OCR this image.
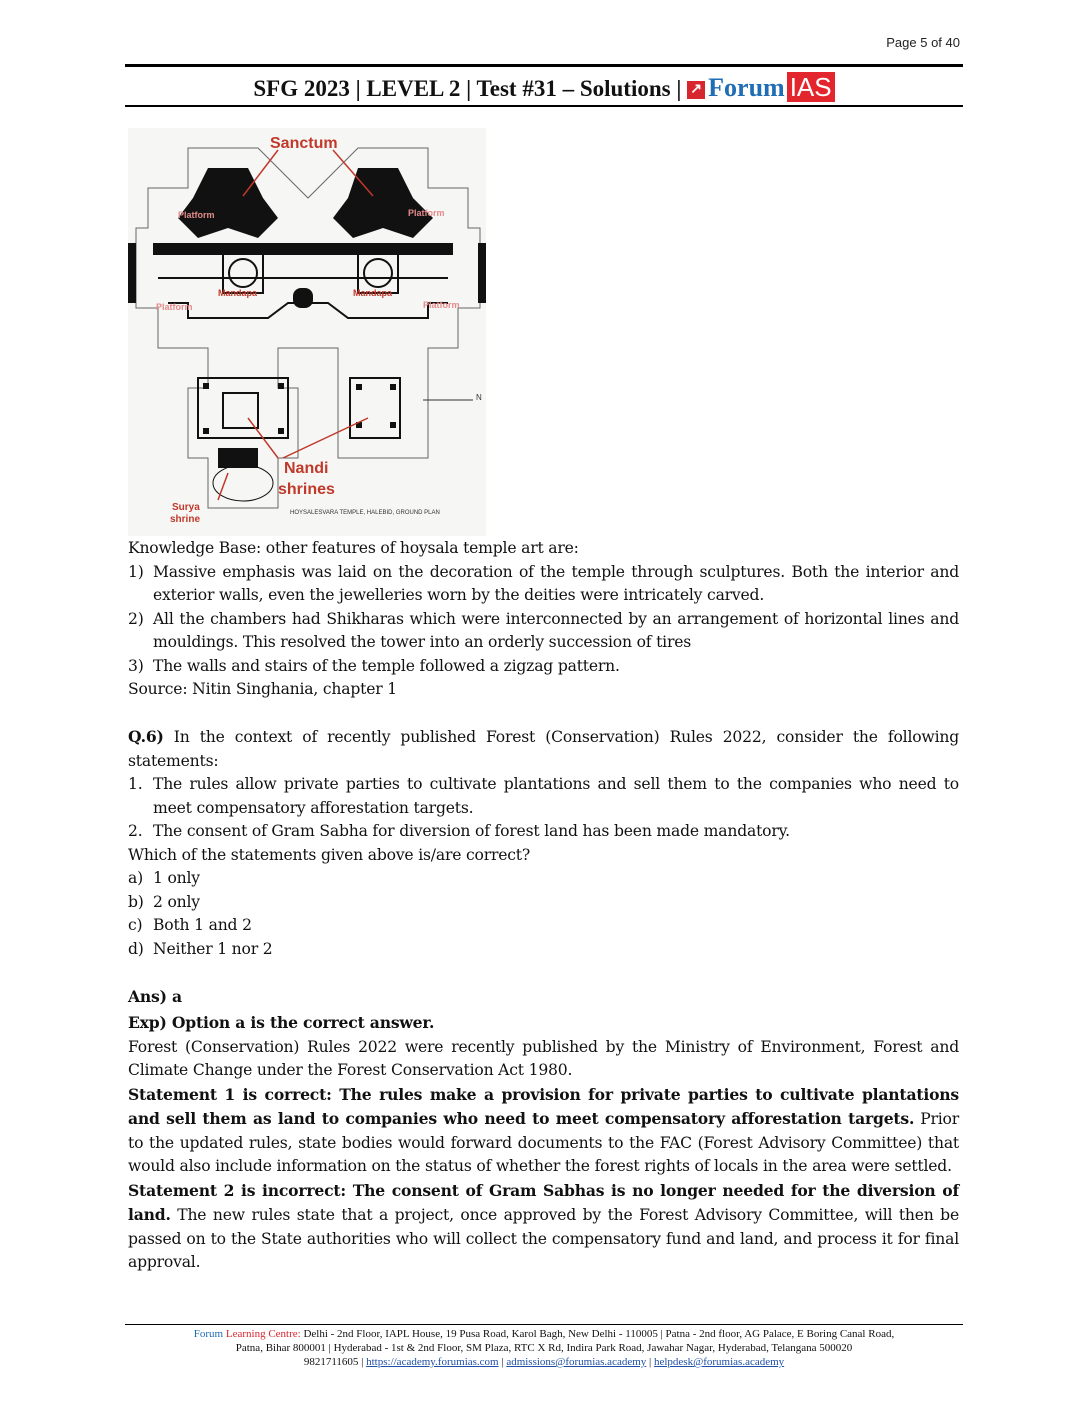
Page 5 of 40
SFG 2023 | LEVEL 2 | Test #31 – Solutions | ↗ Forum IAS
Sanctum
Platform	Platform
Platform	Platform
Mandapa	Mandapa
Nandi
shrines
Surya
shrine
HOYSALESVARA TEMPLE, HALEBID, GROUND PLAN
N

Knowledge Base: other features of hoysala temple art are:

1) Massive emphasis was laid on the decoration of the temple through sculptures. Both the interior and exterior walls, even the jewelleries worn by the deities were intricately carved.
2) All the chambers had Shikharas which were interconnected by an arrangement of horizontal lines and mouldings. This resolved the tower into an orderly succession of tires
3) The walls and stairs of the temple followed a zigzag pattern.

Source: Nitin Singhania, chapter 1

Q.6) In the context of recently published Forest (Conservation) Rules 2022, consider the following statements:

1. The rules allow private parties to cultivate plantations and sell them to the companies who need to meet compensatory afforestation targets.
2. The consent of Gram Sabha for diversion of forest land has been made mandatory.

Which of the statements given above is/are correct?

a) 1 only
b) 2 only
c) Both 1 and 2
d) Neither 1 nor 2

Ans) a

Exp) Option a is the correct answer.

Forest (Conservation) Rules 2022 were recently published by the Ministry of Environment, Forest and Climate Change under the Forest Conservation Act 1980.

Statement 1 is correct: The rules make a provision for private parties to cultivate plantations and sell them as land to companies who need to meet compensatory afforestation targets. Prior to the updated rules, state bodies would forward documents to the FAC (Forest Advisory Committee) that would also include information on the status of whether the forest rights of locals in the area were settled.

Statement 2 is incorrect: The consent of Gram Sabhas is no longer needed for the diversion of land. The new rules state that a project, once approved by the Forest Advisory Committee, will then be passed on to the State authorities who will collect the compensatory fund and land, and process it for final approval.

Forum Learning Centre: Delhi - 2nd Floor, IAPL House, 19 Pusa Road, Karol Bagh, New Delhi - 110005 | Patna - 2nd floor, AG Palace, E Boring Canal Road,
Patna, Bihar 800001 | Hyderabad - 1st & 2nd Floor, SM Plaza, RTC X Rd, Indira Park Road, Jawahar Nagar, Hyderabad, Telangana 500020
9821711605 | https://academy.forumias.com | admissions@forumias.academy | helpdesk@forumias.academy
